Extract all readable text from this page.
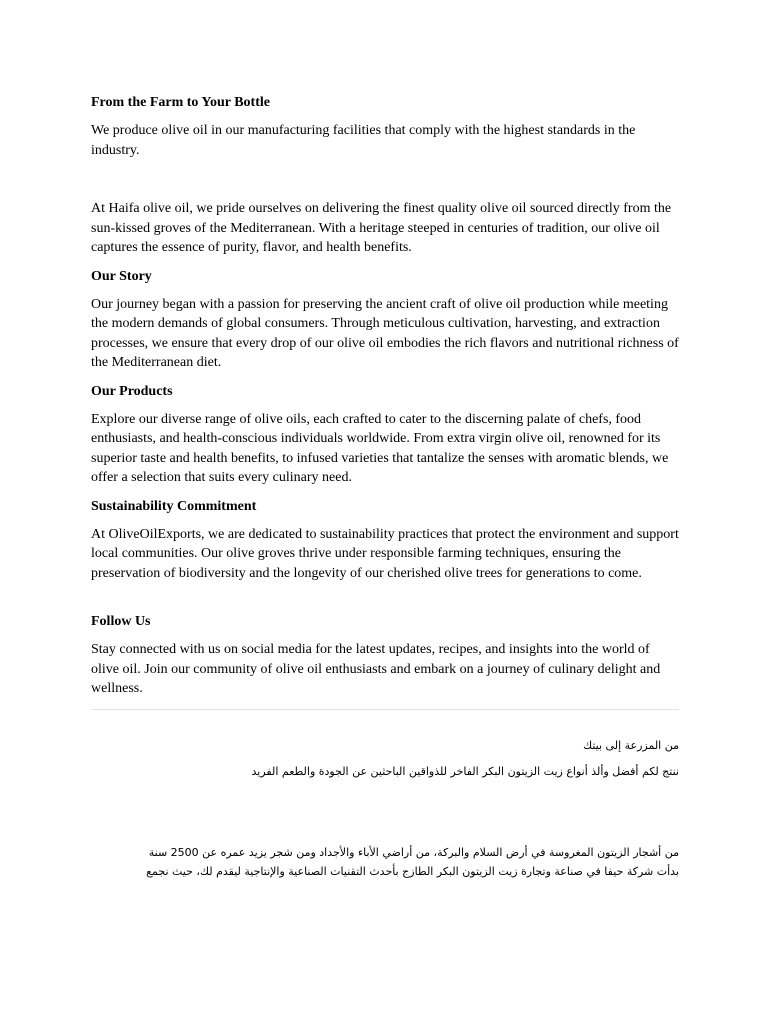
From the Farm to Your Bottle

We produce olive oil in our manufacturing facilities that comply with the highest standards in the industry.

At Haifa olive oil, we pride ourselves on delivering the finest quality olive oil sourced directly from the sun-kissed groves of the Mediterranean. With a heritage steeped in centuries of tradition, our olive oil captures the essence of purity, flavor, and health benefits.

Our Story

Our journey began with a passion for preserving the ancient craft of olive oil production while meeting the modern demands of global consumers. Through meticulous cultivation, harvesting, and extraction processes, we ensure that every drop of our olive oil embodies the rich flavors and nutritional richness of the Mediterranean diet.

Our Products

Explore our diverse range of olive oils, each crafted to cater to the discerning palate of chefs, food enthusiasts, and health-conscious individuals worldwide. From extra virgin olive oil, renowned for its superior taste and health benefits, to infused varieties that tantalize the senses with aromatic blends, we offer a selection that suits every culinary need.

Sustainability Commitment

At OliveOilExports, we are dedicated to sustainability practices that protect the environment and support local communities. Our olive groves thrive under responsible farming techniques, ensuring the preservation of biodiversity and the longevity of our cherished olive trees for generations to come.

Follow Us

Stay connected with us on social media for the latest updates, recipes, and insights into the world of olive oil. Join our community of olive oil enthusiasts and embark on a journey of culinary delight and wellness.

من المزرعة إلى بيتك
ننتج لكم أفضل وألذ أنواع زيت الزيتون البكر الفاخر للذواقين الباحثين عن الجودة والطعم الفريد
من أشجار الزيتون المغروسة في أرض السلام والبركة، من أراضي الأباء والأجداد ومن شجر يزيد عمره عن 2500 سنة
بدأت شركة حيفا في صناعة وتجارة زيت الزيتون البكر الطازج بأحدث التقنيات الصناعية والإنتاجية ليقدم لك، حيث نجمع
